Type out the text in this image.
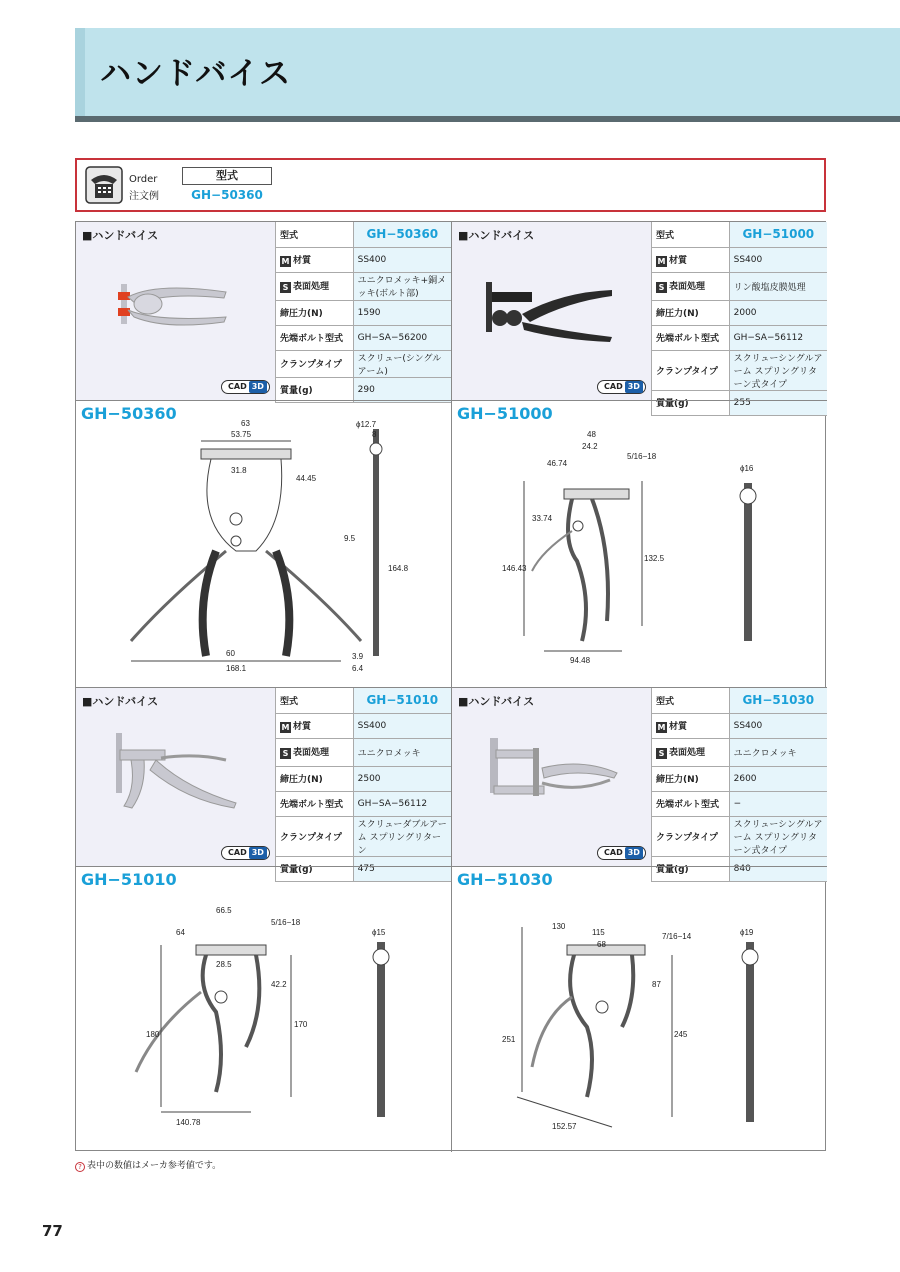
ハンドバイス
Order
注文例
型式
GH−50360
■ハンドバイス
CAD 3D
型式	GH−50360
M 材質	SS400
S 表面処理	ユニクロメッキ+銅メッキ(ボルト部)
締圧力(N)	1590
先端ボルト型式	GH−SA−56200
クランプタイプ	スクリュー(シングルアーム)
質量(g)	290
■ハンドバイス
CAD 3D
型式	GH−51000
M 材質	SS400
S 表面処理	リン酸塩皮膜処理
締圧力(N)	2000
先端ボルト型式	GH−SA−56112
クランプタイプ	スクリューシングルアーム スプリングリターン式タイプ
質量(g)	255
GH−50360
63
53.75
31.8
44.45
60
168.1
ϕ12.7
8
9.5
164.8
3.9
6.4
GH−51000
48
24.2
46.74
5/16−18
33.74
146.43
132.5
94.48
ϕ16
■ハンドバイス
CAD 3D
型式	GH−51010
M 材質	SS400
S 表面処理	ユニクロメッキ
締圧力(N)	2500
先端ボルト型式	GH−SA−56112
クランプタイプ	スクリューダブルアーム スプリングリターン
質量(g)	475
■ハンドバイス
CAD 3D
型式	GH−51030
M 材質	SS400
S 表面処理	ユニクロメッキ
締圧力(N)	2600
先端ボルト型式	−
クランプタイプ	スクリューシングルアーム スプリングリターン式タイプ
質量(g)	840
GH−51010
66.5
64
5/16−18
28.5
42.2
180
170
140.78
ϕ15
GH−51030
130
115
68
7/16−14
87
251
245
152.57
ϕ19
? 表中の数値はメーカ参考値です。
77
